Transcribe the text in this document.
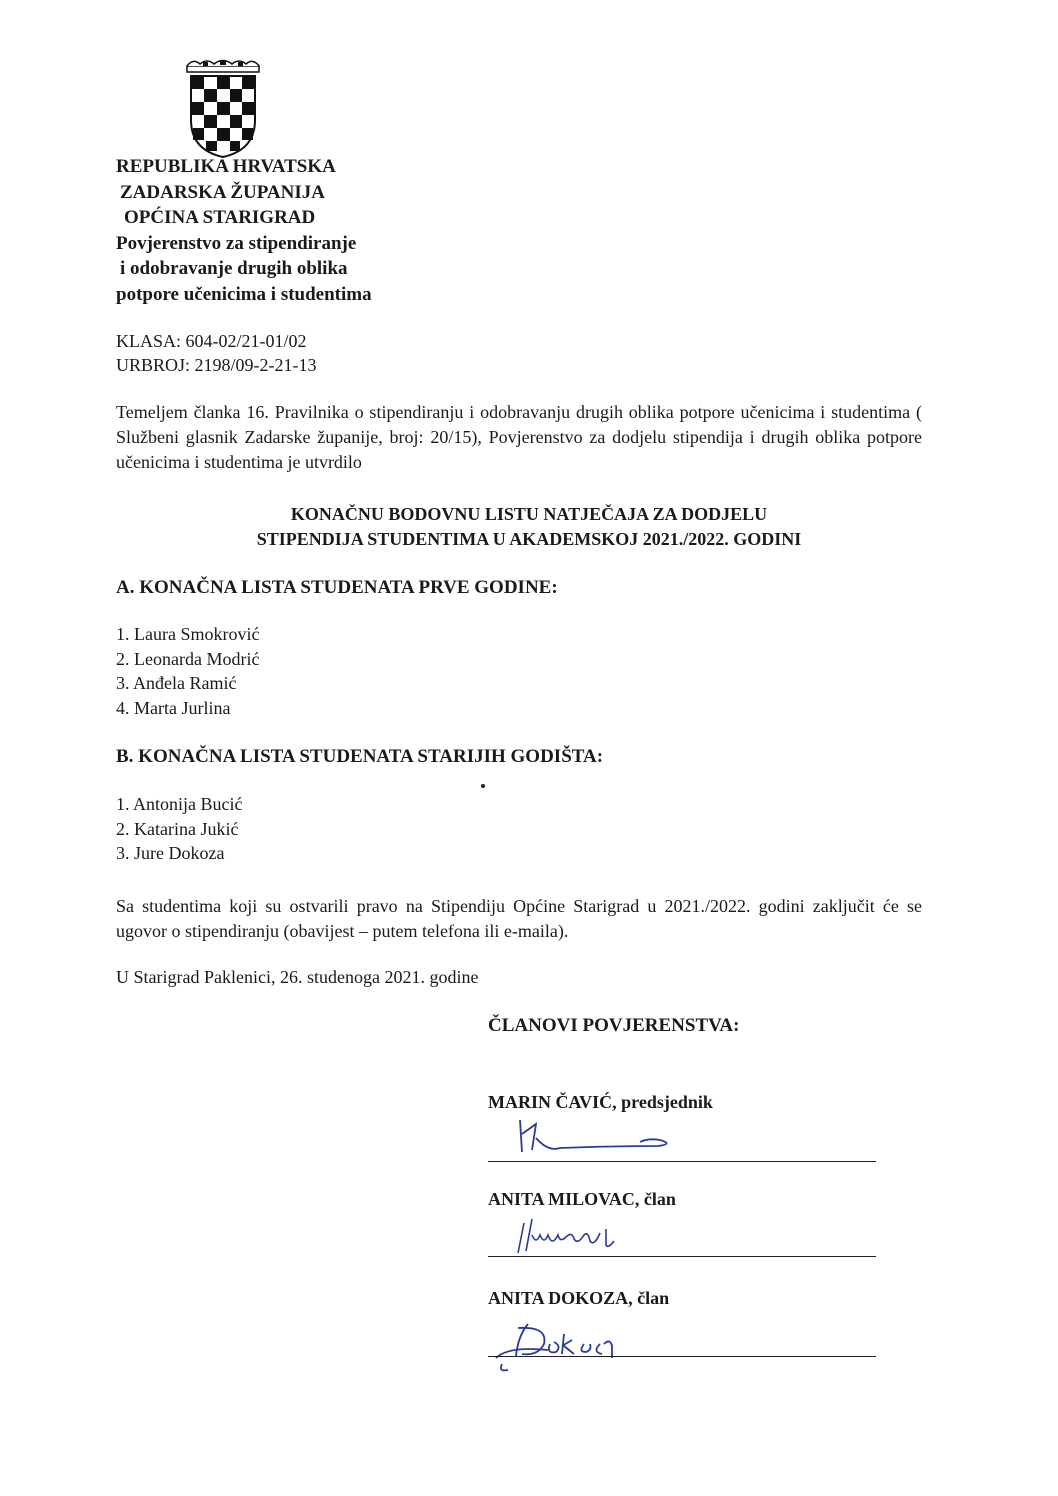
REPUBLIKA HRVATSKA
ZADARSKA ŽUPANIJA
OPĆINA STARIGRAD
Povjerenstvo za stipendiranje
i odobravanje drugih oblika
potpore učenicima i studentima
KLASA: 604-02/21-01/02
URBROJ: 2198/09-2-21-13
Temeljem članka 16. Pravilnika o stipendiranju i odobravanju drugih oblika potpore učenicima i studentima ( Službeni glasnik Zadarske županije, broj: 20/15), Povjerenstvo za dodjelu stipendija i drugih oblika potpore učenicima i studentima je utvrdilo
KONAČNU BODOVNU LISTU NATJEČAJA ZA DODJELU
STIPENDIJA STUDENTIMA U AKADEMSKOJ 2021./2022. GODINI
A. KONAČNA LISTA STUDENATA PRVE GODINE:
1. Laura Smokrović
2. Leonarda Modrić
3. Anđela Ramić
4. Marta Jurlina
B. KONAČNA LISTA STUDENATA STARIJIH GODIŠTA:
1. Antonija Bucić
2. Katarina Jukić
3. Jure Dokoza
Sa studentima koji su ostvarili pravo na Stipendiju Općine Starigrad u 2021./2022. godini zaključit će se ugovor o stipendiranju (obavijest – putem telefona ili e-maila).
U Starigrad Paklenici, 26. studenoga 2021. godine
ČLANOVI POVJERENSTVA:
MARIN ČAVIĆ, predsjednik
ANITA MILOVAC, član
ANITA DOKOZA, član
